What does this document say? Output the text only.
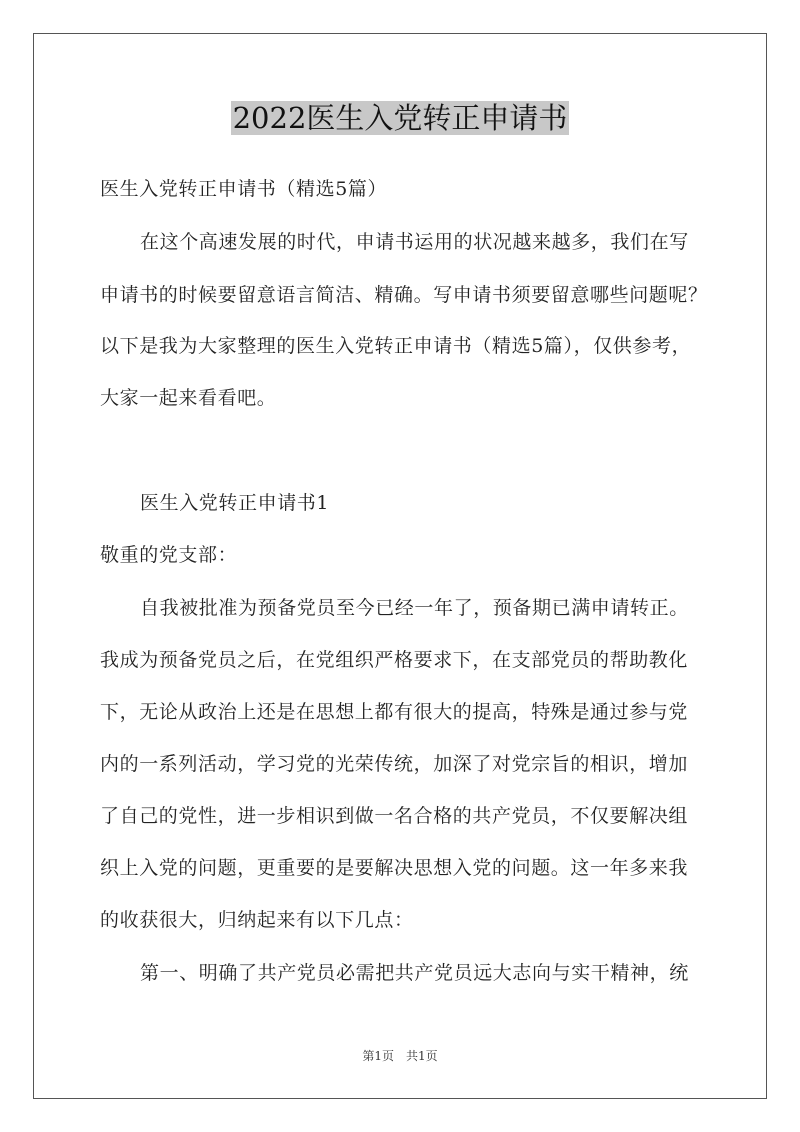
2022医生入党转正申请书
医生入党转正申请书（精选5篇）
在这个高速发展的时代，申请书运用的状况越来越多，我们在写
申请书的时候要留意语言简洁、精确。写申请书须要留意哪些问题呢？
以下是我为大家整理的医生入党转正申请书（精选5篇），仅供参考，
大家一起来看看吧。
医生入党转正申请书1
敬重的党支部：
自我被批准为预备党员至今已经一年了，预备期已满申请转正。
我成为预备党员之后，在党组织严格要求下，在支部党员的帮助教化
下，无论从政治上还是在思想上都有很大的提高，特殊是通过参与党
内的一系列活动，学习党的光荣传统，加深了对党宗旨的相识，增加
了自己的党性，进一步相识到做一名合格的共产党员，不仅要解决组
织上入党的问题，更重要的是要解决思想入党的问题。这一年多来我
的收获很大，归纳起来有以下几点：
第一、明确了共产党员必需把共产党员远大志向与实干精神，统
第1页　共1页
